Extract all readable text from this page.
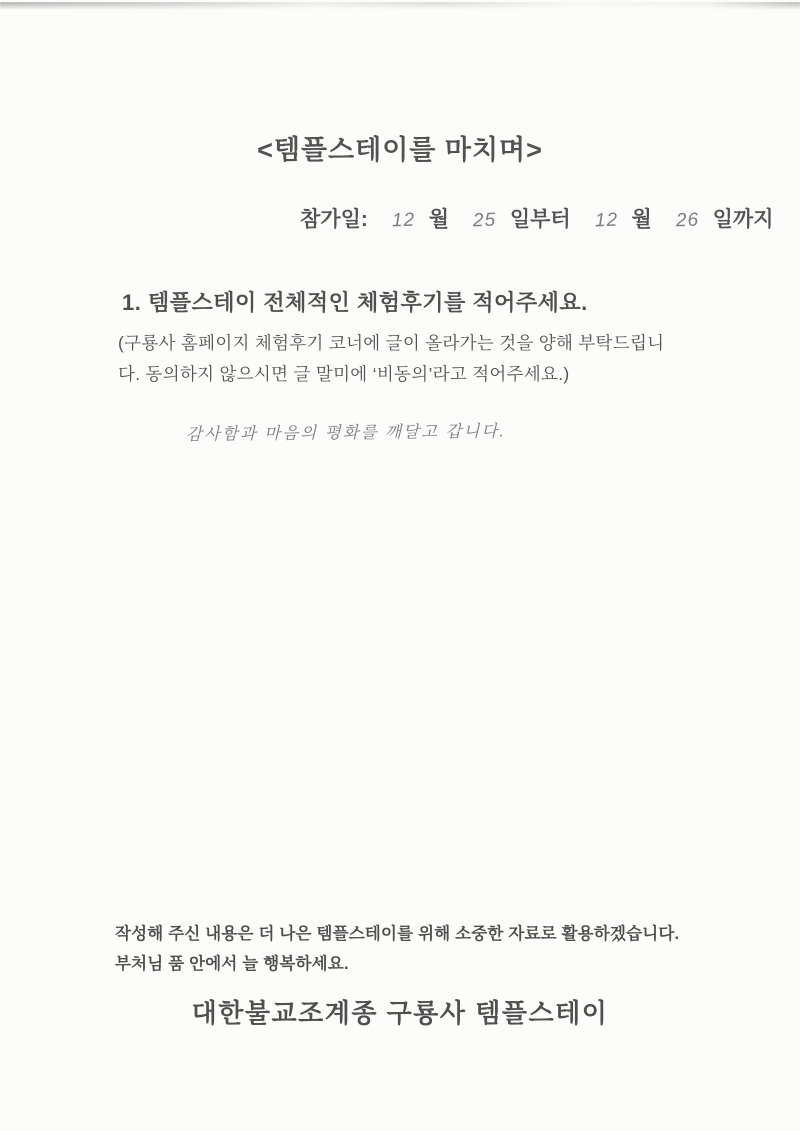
<템플스테이를 마치며>
참가일: 12 월 25 일부터 12 월 26 일까지
1. 템플스테이 전체적인 체험후기를 적어주세요.
(구룡사 홈페이지 체험후기 코너에 글이 올라가는 것을 양해 부탁드립니
다. 동의하지 않으시면 글 말미에 ‘비동의’라고 적어주세요.)
감사함과 마음의 평화를 깨달고 갑니다.
작성해 주신 내용은 더 나은 템플스테이를 위해 소중한 자료로 활용하겠습니다.
부처님 품 안에서 늘 행복하세요.
대한불교조계종 구룡사 템플스테이
